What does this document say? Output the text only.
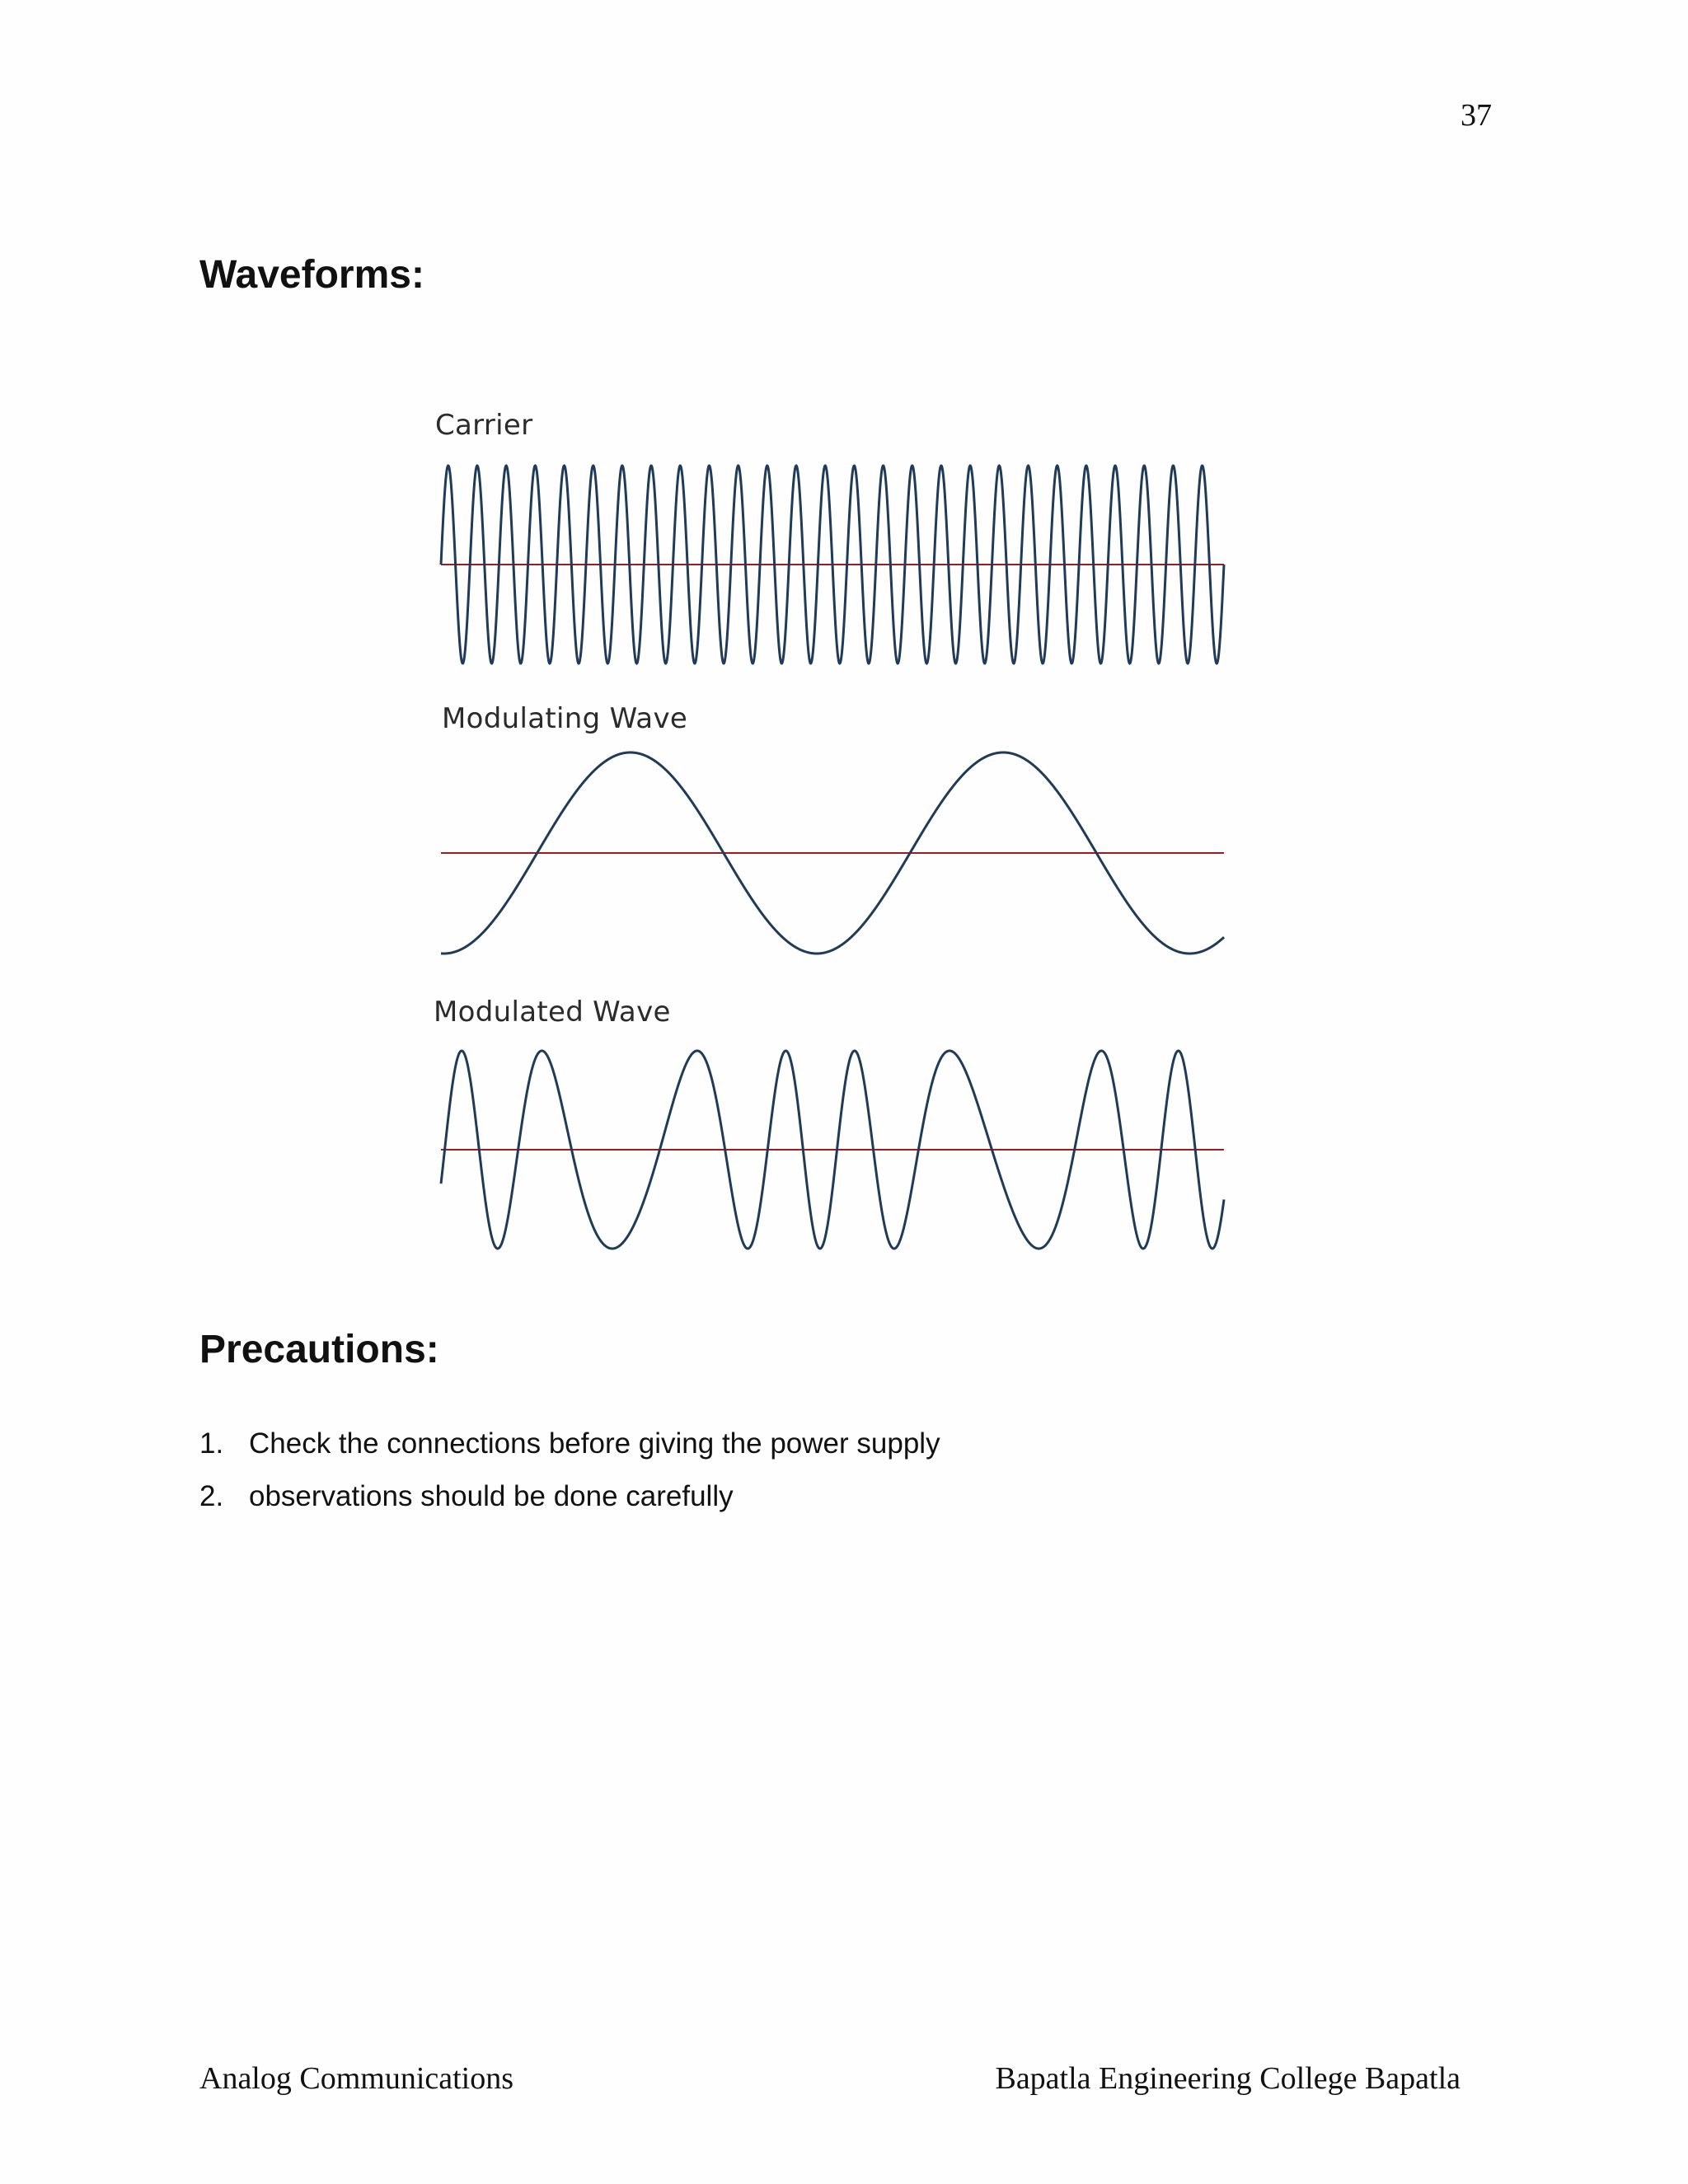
37
Waveforms:
Carrier
Modulating Wave
Modulated Wave
Precautions:
1. Check the connections before giving the power supply
2. observations should be done carefully
Analog Communications	Bapatla Engineering College Bapatla
